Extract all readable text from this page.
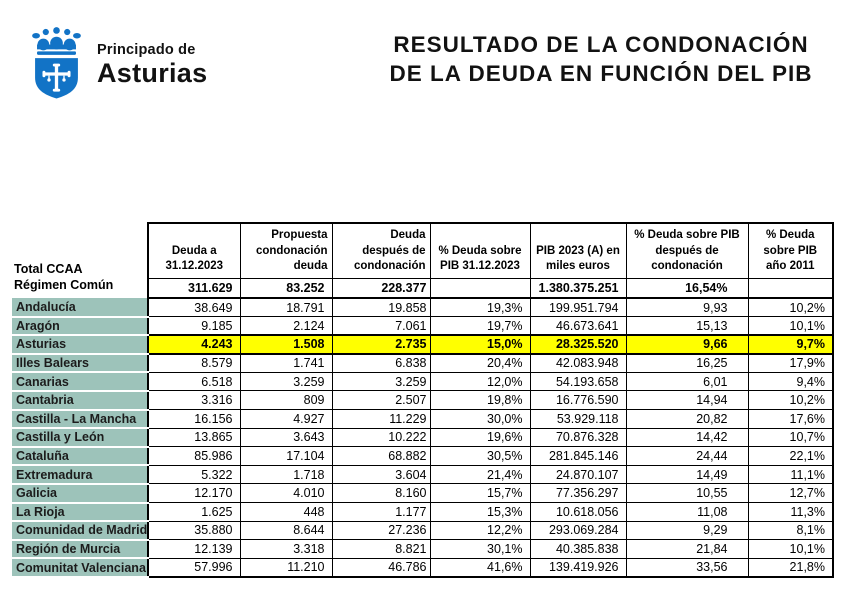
Principado de
Asturias
RESULTADO DE LA CONDONACIÓN
DE LA DEUDA EN FUNCIÓN DEL PIB
Total CCAA
Régimen Común

Deuda a
31.12.2023

Propuesta
condonación
deuda

Deuda
después de
condonación

% Deuda sobre
PIB 31.12.2023

PIB 2023 (A) en
miles euros

% Deuda sobre PIB
después de
condonación

% Deuda
sobre PIB
año 2011

	311.629	83.252	228.377		1.380.375.251	16,54%	
Andalucía	38.649	18.791	19.858	19,3%	199.951.794	9,93	10,2%
Aragón	9.185	2.124	7.061	19,7%	46.673.641	15,13	10,1%
Asturias	4.243	1.508	2.735	15,0%	28.325.520	9,66	9,7%
Illes Balears	8.579	1.741	6.838	20,4%	42.083.948	16,25	17,9%
Canarias	6.518	3.259	3.259	12,0%	54.193.658	6,01	9,4%
Cantabria	3.316	809	2.507	19,8%	16.776.590	14,94	10,2%
Castilla - La Mancha	16.156	4.927	11.229	30,0%	53.929.118	20,82	17,6%
Castilla y León	13.865	3.643	10.222	19,6%	70.876.328	14,42	10,7%
Cataluña	85.986	17.104	68.882	30,5%	281.845.146	24,44	22,1%
Extremadura	5.322	1.718	3.604	21,4%	24.870.107	14,49	11,1%
Galicia	12.170	4.010	8.160	15,7%	77.356.297	10,55	12,7%
La Rioja	1.625	448	1.177	15,3%	10.618.056	11,08	11,3%
Comunidad de Madrid	35.880	8.644	27.236	12,2%	293.069.284	9,29	8,1%
Región de Murcia	12.139	3.318	8.821	30,1%	40.385.838	21,84	10,1%
Comunitat Valenciana	57.996	11.210	46.786	41,6%	139.419.926	33,56	21,8%
